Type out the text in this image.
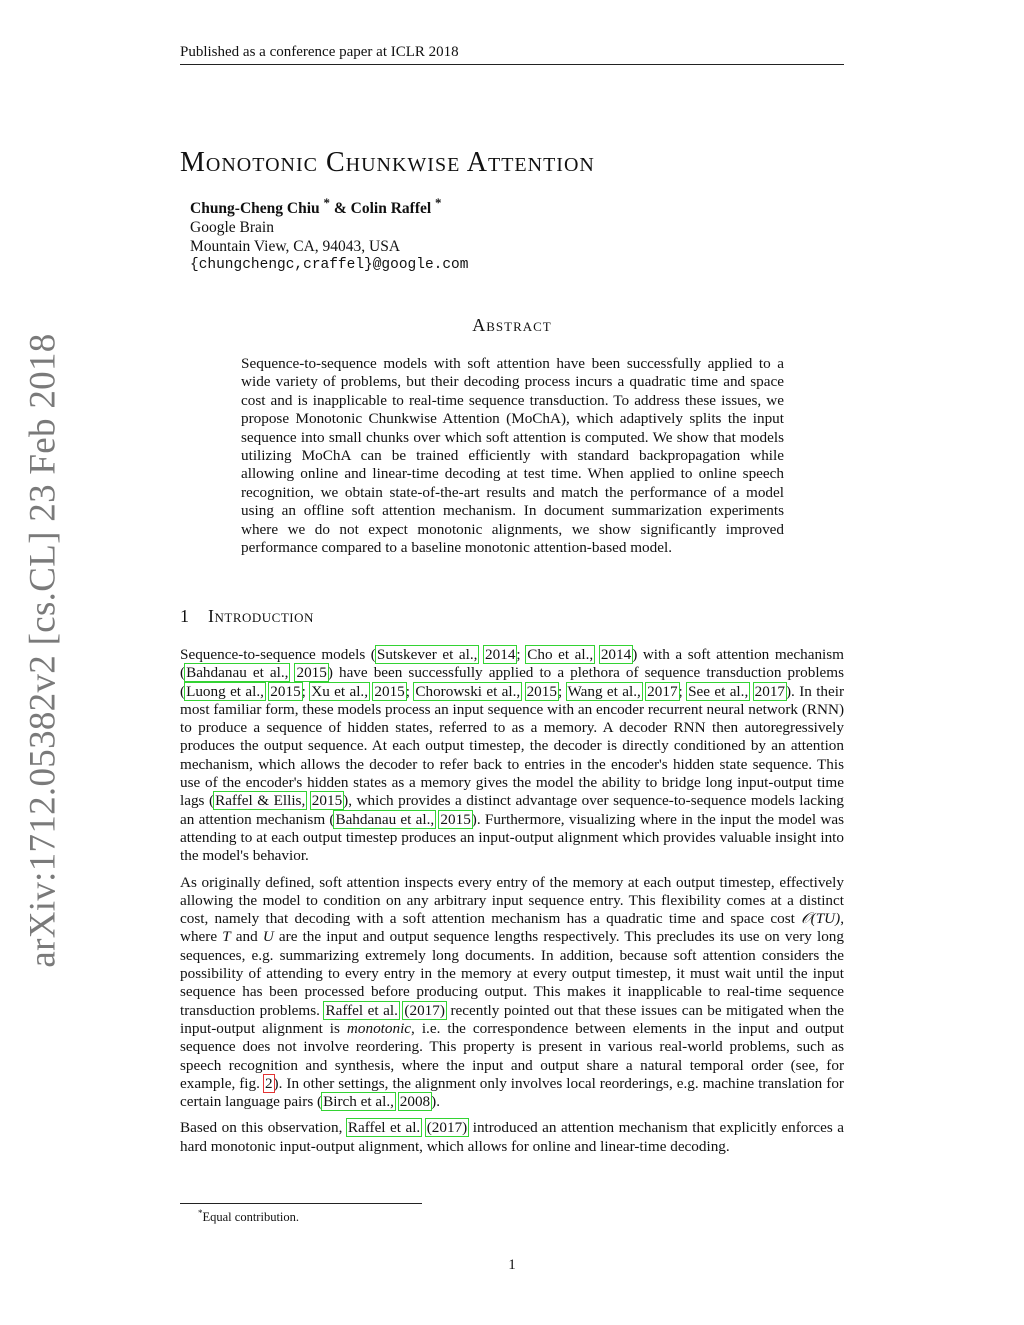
arXiv:1712.05382v2 [cs.CL] 23 Feb 2018
Published as a conference paper at ICLR 2018
Monotonic Chunkwise Attention
Chung-Cheng Chiu * & Colin Raffel *
Google Brain
Mountain View, CA, 94043, USA
{chungchengc,craffel}@google.com
Abstract
Sequence-to-sequence models with soft attention have been successfully applied to a wide variety of problems, but their decoding process incurs a quadratic time and space cost and is inapplicable to real-time sequence transduction. To address these issues, we propose Monotonic Chunkwise Attention (MoChA), which adaptively splits the input sequence into small chunks over which soft attention is computed. We show that models utilizing MoChA can be trained efficiently with standard backpropagation while allowing online and linear-time decoding at test time. When applied to online speech recognition, we obtain state-of-the-art results and match the performance of a model using an offline soft attention mechanism. In document summarization experiments where we do not expect monotonic alignments, we show significantly improved performance compared to a baseline monotonic attention-based model.
1 Introduction

Sequence-to-sequence models (Sutskever et al., 2014; Cho et al., 2014) with a soft attention mechanism (Bahdanau et al., 2015) have been successfully applied to a plethora of sequence transduction problems (Luong et al., 2015; Xu et al., 2015; Chorowski et al., 2015; Wang et al., 2017; See et al., 2017). In their most familiar form, these models process an input sequence with an encoder recurrent neural network (RNN) to produce a sequence of hidden states, referred to as a memory. A decoder RNN then autoregressively produces the output sequence. At each output timestep, the decoder is directly conditioned by an attention mechanism, which allows the decoder to refer back to entries in the encoder's hidden state sequence. This use of the encoder's hidden states as a memory gives the model the ability to bridge long input-output time lags (Raffel & Ellis, 2015), which provides a distinct advantage over sequence-to-sequence models lacking an attention mechanism (Bahdanau et al., 2015). Furthermore, visualizing where in the input the model was attending to at each output timestep produces an input-output alignment which provides valuable insight into the model's behavior.

As originally defined, soft attention inspects every entry of the memory at each output timestep, effectively allowing the model to condition on any arbitrary input sequence entry. This flexibility comes at a distinct cost, namely that decoding with a soft attention mechanism has a quadratic time and space cost 𝒪(TU), where T and U are the input and output sequence lengths respectively. This precludes its use on very long sequences, e.g. summarizing extremely long documents. In addition, because soft attention considers the possibility of attending to every entry in the memory at every output timestep, it must wait until the input sequence has been processed before producing output. This makes it inapplicable to real-time sequence transduction problems. Raffel et al. (2017) recently pointed out that these issues can be mitigated when the input-output alignment is monotonic, i.e. the correspondence between elements in the input and output sequence does not involve reordering. This property is present in various real-world problems, such as speech recognition and synthesis, where the input and output share a natural temporal order (see, for example, fig. 2). In other settings, the alignment only involves local reorderings, e.g. machine translation for certain language pairs (Birch et al., 2008).

Based on this observation, Raffel et al. (2017) introduced an attention mechanism that explicitly enforces a hard monotonic input-output alignment, which allows for online and linear-time decoding.

*Equal contribution.
1
